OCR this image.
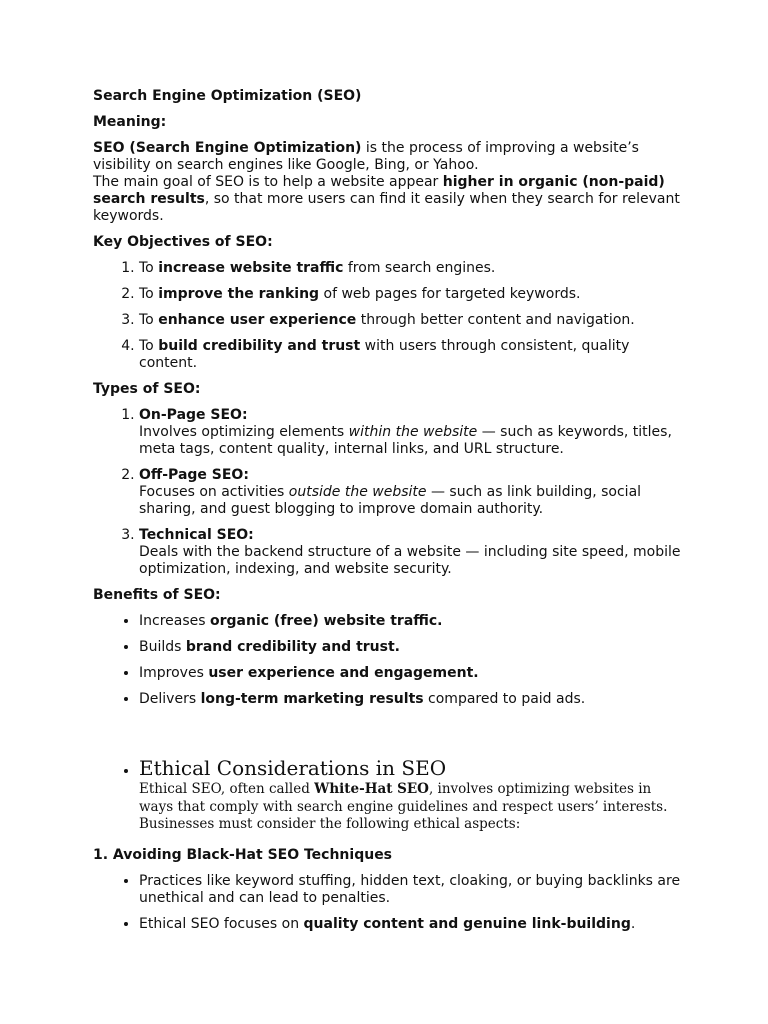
Search Engine Optimization (SEO)

Meaning:

SEO (Search Engine Optimization) is the process of improving a website’s visibility on search engines like Google, Bing, or Yahoo.
The main goal of SEO is to help a website appear higher in organic (non-paid) search results, so that more users can find it easily when they search for relevant keywords.

Key Objectives of SEO:

1. To increase website traffic from search engines.
2. To improve the ranking of web pages for targeted keywords.
3. To enhance user experience through better content and navigation.
4. To build credibility and trust with users through consistent, quality content.

Types of SEO:

1. On-Page SEO:
Involves optimizing elements within the website — such as keywords, titles, meta tags, content quality, internal links, and URL structure.
2. Off-Page SEO:
Focuses on activities outside the website — such as link building, social sharing, and guest blogging to improve domain authority.
3. Technical SEO:
Deals with the backend structure of a website — including site speed, mobile optimization, indexing, and website security.

Benefits of SEO:

• Increases organic (free) website traffic.
• Builds brand credibility and trust.
• Improves user experience and engagement.
• Delivers long-term marketing results compared to paid ads.
• Ethical Considerations in SEO
Ethical SEO, often called White-Hat SEO, involves optimizing websites in ways that comply with search engine guidelines and respect users’ interests. Businesses must consider the following ethical aspects:

1. Avoiding Black-Hat SEO Techniques

• Practices like keyword stuffing, hidden text, cloaking, or buying backlinks are unethical and can lead to penalties.
• Ethical SEO focuses on quality content and genuine link-building.
